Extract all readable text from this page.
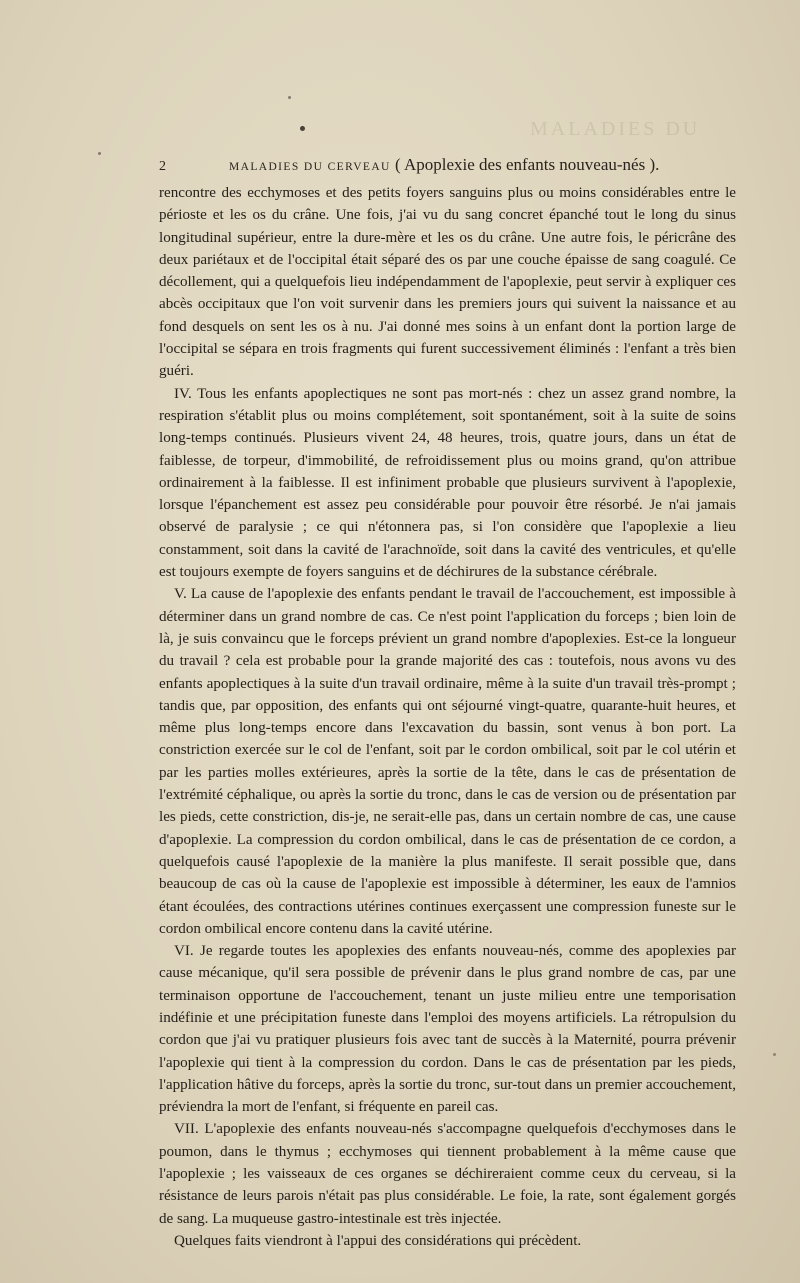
MALADIES DU
2	MALADIES DU CERVEAU ( Apoplexie des enfants nouveau-nés ).

rencontre des ecchymoses et des petits foyers sanguins plus ou moins considérables entre le périoste et les os du crâne. Une fois, j'ai vu du sang concret épanché tout le long du sinus longitudinal supérieur, entre la dure-mère et les os du crâne. Une autre fois, le péricrâne des deux pariétaux et de l'occipital était séparé des os par une couche épaisse de sang coagulé. Ce décollement, qui a quelquefois lieu indépendamment de l'apoplexie, peut servir à expliquer ces abcès occipitaux que l'on voit survenir dans les premiers jours qui suivent la naissance et au fond desquels on sent les os à nu. J'ai donné mes soins à un enfant dont la portion large de l'occipital se sépara en trois fragments qui furent successivement éliminés : l'enfant a très bien guéri.

IV. Tous les enfants apoplectiques ne sont pas mort-nés : chez un assez grand nombre, la respiration s'établit plus ou moins complétement, soit spontanément, soit à la suite de soins long-temps continués. Plusieurs vivent 24, 48 heures, trois, quatre jours, dans un état de faiblesse, de torpeur, d'immobilité, de refroidissement plus ou moins grand, qu'on attribue ordinairement à la faiblesse. Il est infiniment probable que plusieurs survivent à l'apoplexie, lorsque l'épanchement est assez peu considérable pour pouvoir être résorbé. Je n'ai jamais observé de paralysie ; ce qui n'étonnera pas, si l'on considère que l'apoplexie a lieu constamment, soit dans la cavité de l'arachnoïde, soit dans la cavité des ventricules, et qu'elle est toujours exempte de foyers sanguins et de déchirures de la substance cérébrale.

V. La cause de l'apoplexie des enfants pendant le travail de l'accouchement, est impossible à déterminer dans un grand nombre de cas. Ce n'est point l'application du forceps ; bien loin de là, je suis convaincu que le forceps prévient un grand nombre d'apoplexies. Est-ce la longueur du travail ? cela est probable pour la grande majorité des cas : toutefois, nous avons vu des enfants apoplectiques à la suite d'un travail ordinaire, même à la suite d'un travail très-prompt ; tandis que, par opposition, des enfants qui ont séjourné vingt-quatre, quarante-huit heures, et même plus long-temps encore dans l'excavation du bassin, sont venus à bon port. La constriction exercée sur le col de l'enfant, soit par le cordon ombilical, soit par le col utérin et par les parties molles extérieures, après la sortie de la tête, dans le cas de présentation de l'extrémité céphalique, ou après la sortie du tronc, dans le cas de version ou de présentation par les pieds, cette constriction, dis-je, ne serait-elle pas, dans un certain nombre de cas, une cause d'apoplexie. La compression du cordon ombilical, dans le cas de présentation de ce cordon, a quelquefois causé l'apoplexie de la manière la plus manifeste. Il serait possible que, dans beaucoup de cas où la cause de l'apoplexie est impossible à déterminer, les eaux de l'amnios étant écoulées, des contractions utérines continues exerçassent une compression funeste sur le cordon ombilical encore contenu dans la cavité utérine.

VI. Je regarde toutes les apoplexies des enfants nouveau-nés, comme des apoplexies par cause mécanique, qu'il sera possible de prévenir dans le plus grand nombre de cas, par une terminaison opportune de l'accouchement, tenant un juste milieu entre une temporisation indéfinie et une précipitation funeste dans l'emploi des moyens artificiels. La rétropulsion du cordon que j'ai vu pratiquer plusieurs fois avec tant de succès à la Maternité, pourra prévenir l'apoplexie qui tient à la compression du cordon. Dans le cas de présentation par les pieds, l'application hâtive du forceps, après la sortie du tronc, sur-tout dans un premier accouchement, préviendra la mort de l'enfant, si fréquente en pareil cas.

VII. L'apoplexie des enfants nouveau-nés s'accompagne quelquefois d'ecchymoses dans le poumon, dans le thymus ; ecchymoses qui tiennent probablement à la même cause que l'apoplexie ; les vaisseaux de ces organes se déchireraient comme ceux du cerveau, si la résistance de leurs parois n'était pas plus considérable. Le foie, la rate, sont également gorgés de sang. La muqueuse gastro-intestinale est très injectée.

Quelques faits viendront à l'appui des considérations qui précèdent.
